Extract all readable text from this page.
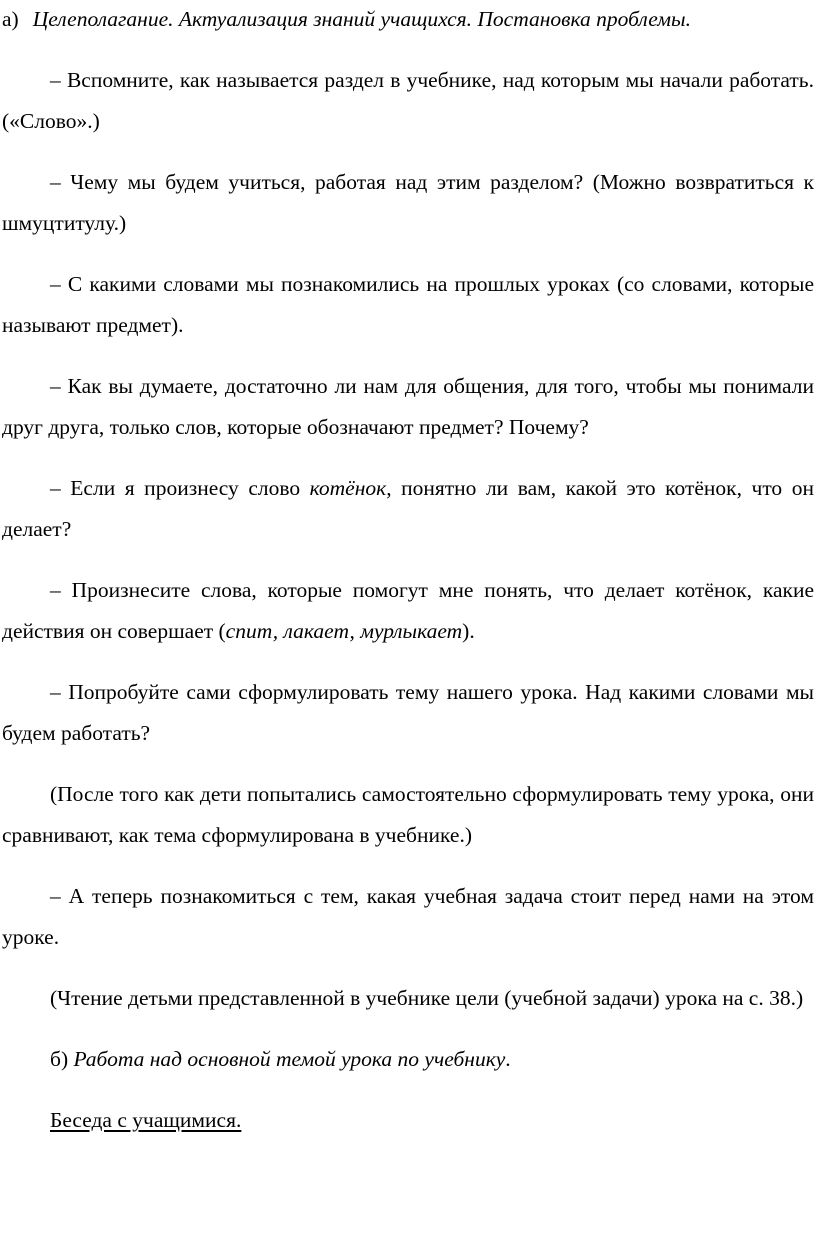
а) Целеполагание. Актуализация знаний учащихся. Постановка проблемы.

– Вспомните, как называется раздел в учебнике, над которым мы начали работать. («Слово».)

– Чему мы будем учиться, работая над этим разделом? (Можно возвратиться к шмуцтитулу.)

– С какими словами мы познакомились на прошлых уроках (со словами, которые называют предмет).

– Как вы думаете, достаточно ли нам для общения, для того, чтобы мы понимали друг друга, только слов, которые обозначают предмет? Почему?

– Если я произнесу слово котёнок, понятно ли вам, какой это котёнок, что он делает?

– Произнесите слова, которые помогут мне понять, что делает котёнок, какие действия он совершает (спит, лакает, мурлыкает).

– Попробуйте сами сформулировать тему нашего урока. Над какими словами мы будем работать?

(После того как дети попытались самостоятельно сформулировать тему урока, они сравнивают, как тема сформулирована в учебнике.)

– А теперь познакомиться с тем, какая учебная задача стоит перед нами на этом уроке.

(Чтение детьми представленной в учебнике цели (учебной задачи) урока на с. 38.)

б) Работа над основной темой урока по учебнику.

Беседа с учащимися.
